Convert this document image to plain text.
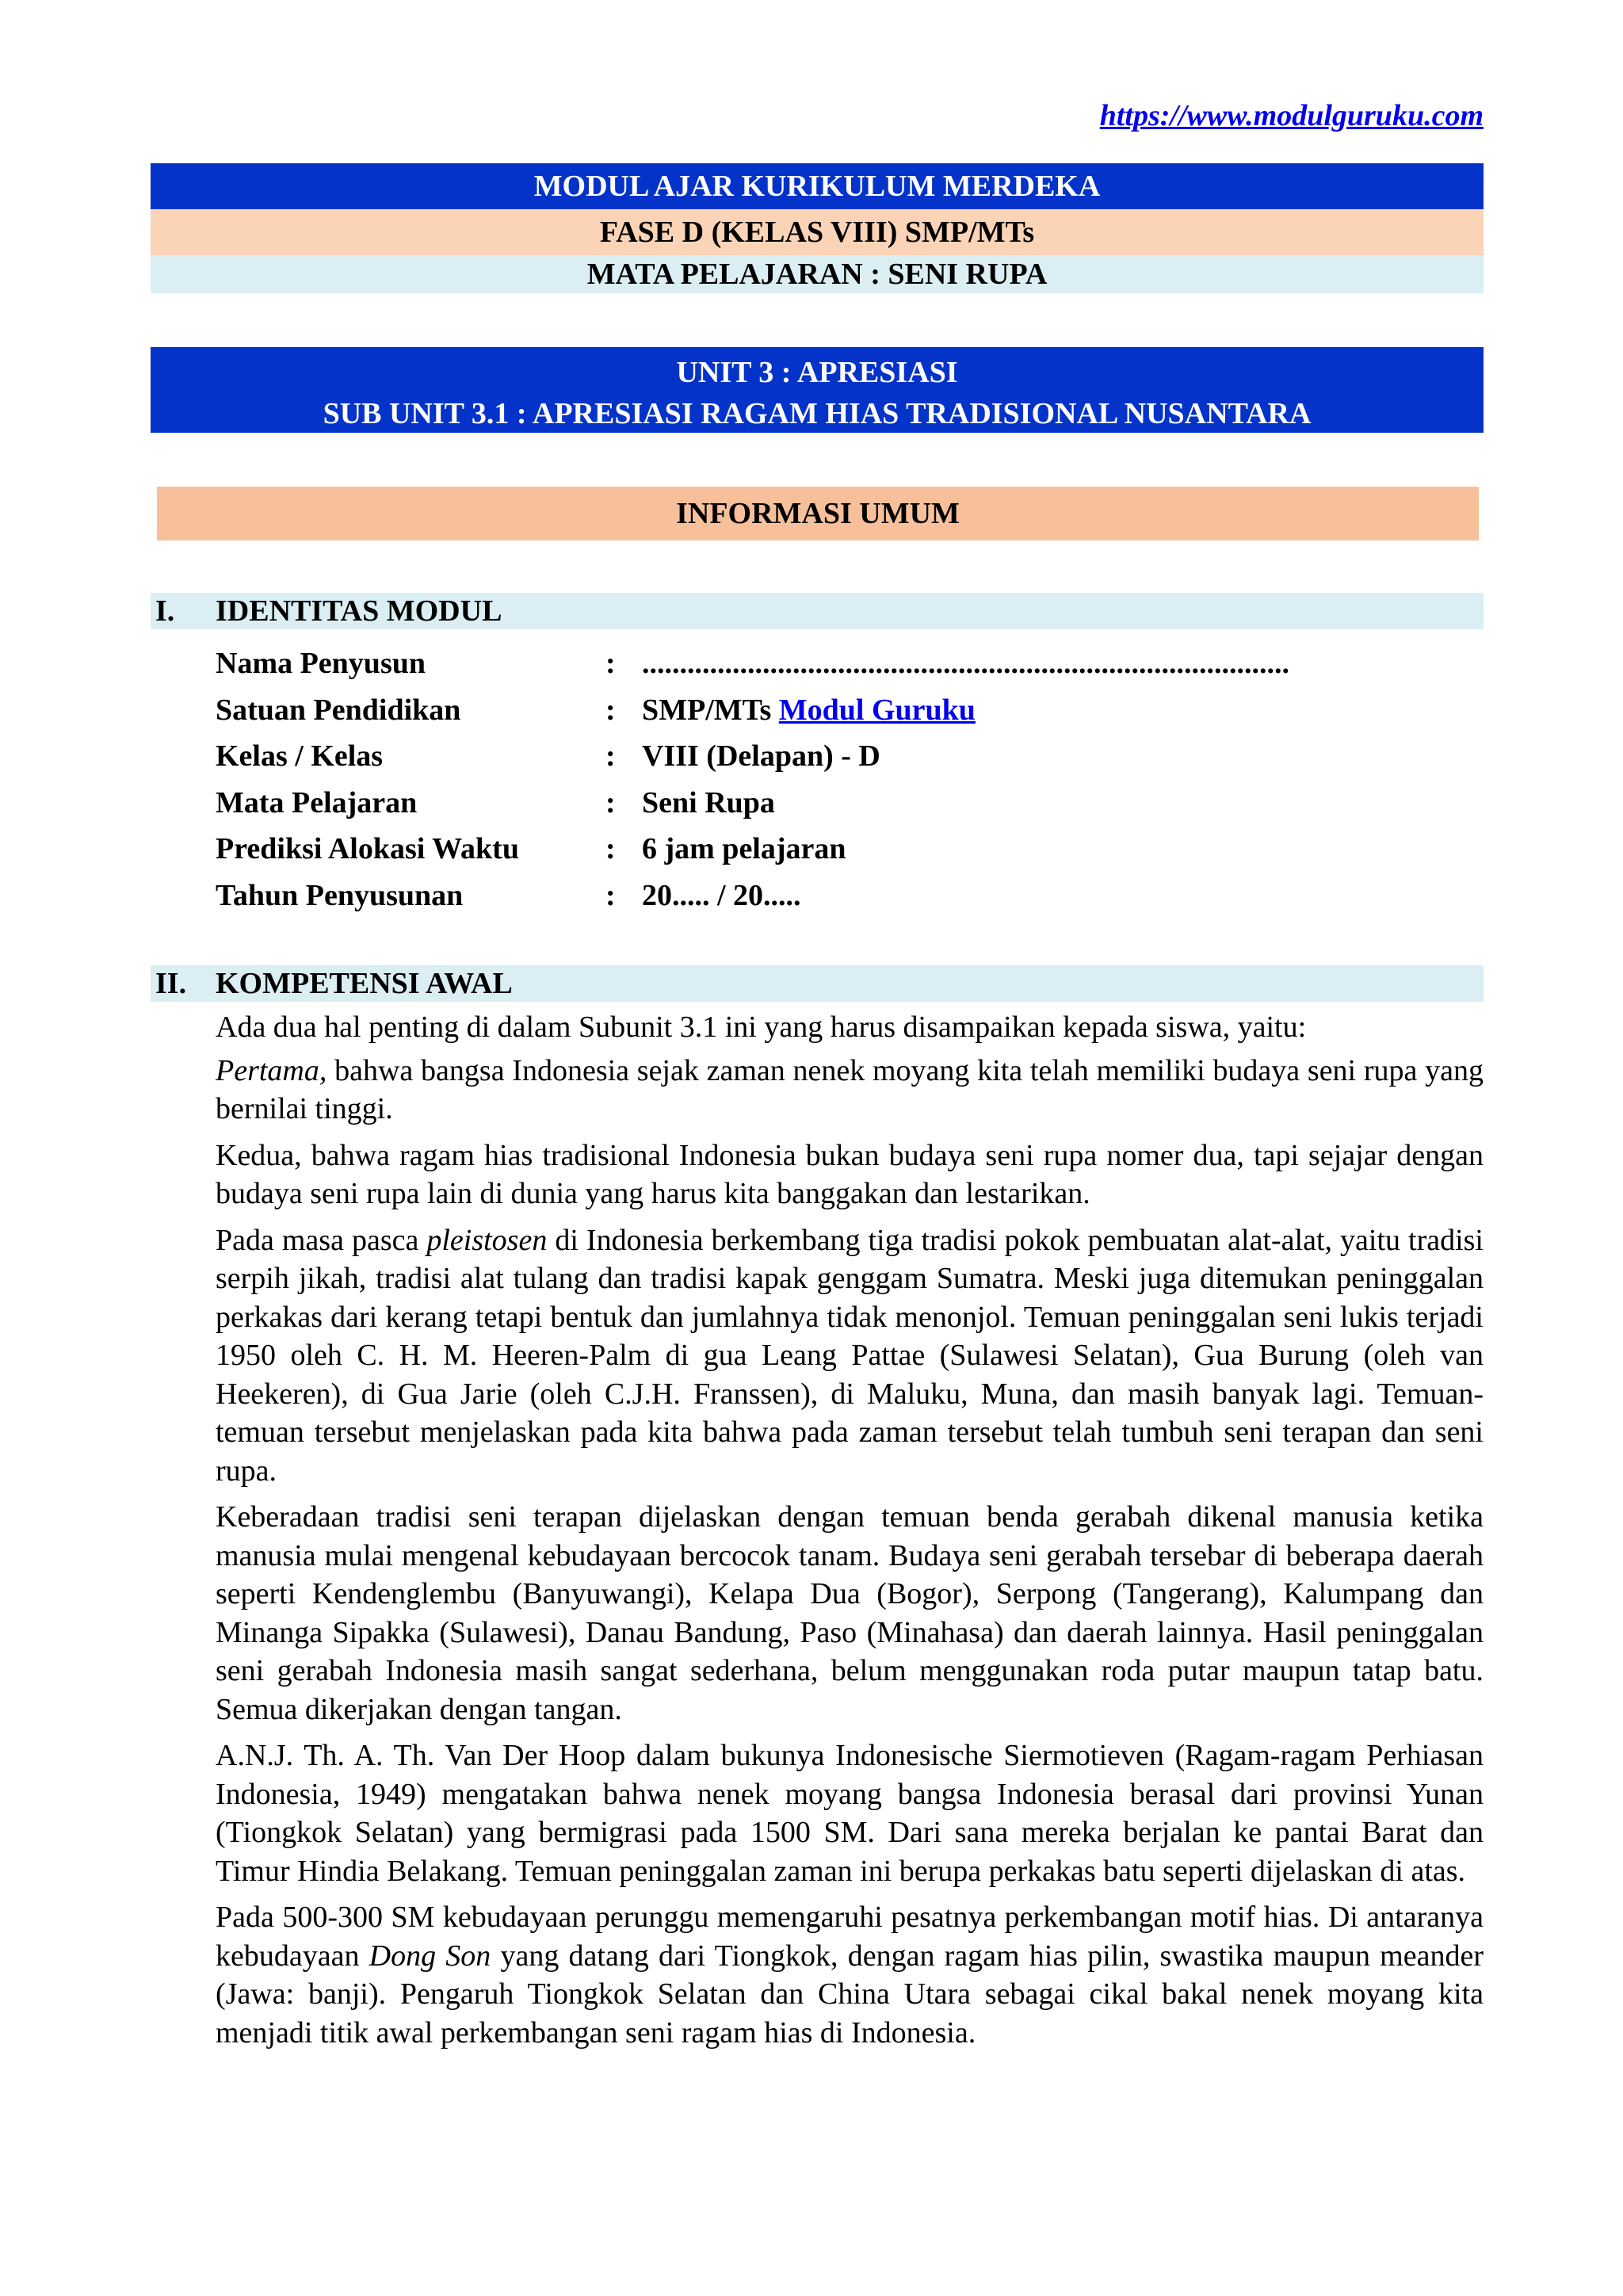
https://www.modulguruku.com
MODUL AJAR KURIKULUM MERDEKA
FASE D (KELAS VIII) SMP/MTs
MATA PELAJARAN : SENI RUPA
UNIT 3 : APRESIASI
SUB UNIT 3.1 : APRESIASI RAGAM HIAS TRADISIONAL NUSANTARA
INFORMASI UMUM
I. IDENTITAS MODUL
Nama Penyusun	: ......................................................................................
Satuan Pendidikan	: SMP/MTs Modul Guruku
Kelas / Kelas	: VIII (Delapan) - D
Mata Pelajaran	: Seni Rupa
Prediksi Alokasi Waktu	: 6 jam pelajaran
Tahun Penyusunan	: 20..... / 20.....
II. KOMPETENSI AWAL

Ada dua hal penting di dalam Subunit 3.1 ini yang harus disampaikan kepada siswa, yaitu:

Pertama, bahwa bangsa Indonesia sejak zaman nenek moyang kita telah memiliki budaya seni rupa yang bernilai tinggi.

Kedua, bahwa ragam hias tradisional Indonesia bukan budaya seni rupa nomer dua, tapi sejajar dengan budaya seni rupa lain di dunia yang harus kita banggakan dan lestarikan.

Pada masa pasca pleistosen di Indonesia berkembang tiga tradisi pokok pembuatan alat-alat, yaitu tradisi serpih jikah, tradisi alat tulang dan tradisi kapak genggam Sumatra. Meski juga ditemukan peninggalan perkakas dari kerang tetapi bentuk dan jumlahnya tidak menonjol. Temuan peninggalan seni lukis terjadi 1950 oleh C. H. M. Heeren-Palm di gua Leang Pattae (Sulawesi Selatan), Gua Burung (oleh van Heekeren), di Gua Jarie (oleh C.J.H. Franssen), di Maluku, Muna, dan masih banyak lagi. Temuan-temuan tersebut menjelaskan pada kita bahwa pada zaman tersebut telah tumbuh seni terapan dan seni rupa.

Keberadaan tradisi seni terapan dijelaskan dengan temuan benda gerabah dikenal manusia ketika manusia mulai mengenal kebudayaan bercocok tanam. Budaya seni gerabah tersebar di beberapa daerah seperti Kendenglembu (Banyuwangi), Kelapa Dua (Bogor), Serpong (Tangerang), Kalumpang dan Minanga Sipakka (Sulawesi), Danau Bandung, Paso (Minahasa) dan daerah lainnya. Hasil peninggalan seni gerabah Indonesia masih sangat sederhana, belum menggunakan roda putar maupun tatap batu. Semua dikerjakan dengan tangan.

A.N.J. Th. A. Th. Van Der Hoop dalam bukunya Indonesische Siermotieven (Ragam-ragam Perhiasan Indonesia, 1949) mengatakan bahwa nenek moyang bangsa Indonesia berasal dari provinsi Yunan (Tiongkok Selatan) yang bermigrasi pada 1500 SM. Dari sana mereka berjalan ke pantai Barat dan Timur Hindia Belakang. Temuan peninggalan zaman ini berupa perkakas batu seperti dijelaskan di atas.

Pada 500-300 SM kebudayaan perunggu memengaruhi pesatnya perkembangan motif hias. Di antaranya kebudayaan Dong Son yang datang dari Tiongkok, dengan ragam hias pilin, swastika maupun meander (Jawa: banji). Pengaruh Tiongkok Selatan dan China Utara sebagai cikal bakal nenek moyang kita menjadi titik awal perkembangan seni ragam hias di Indonesia.
